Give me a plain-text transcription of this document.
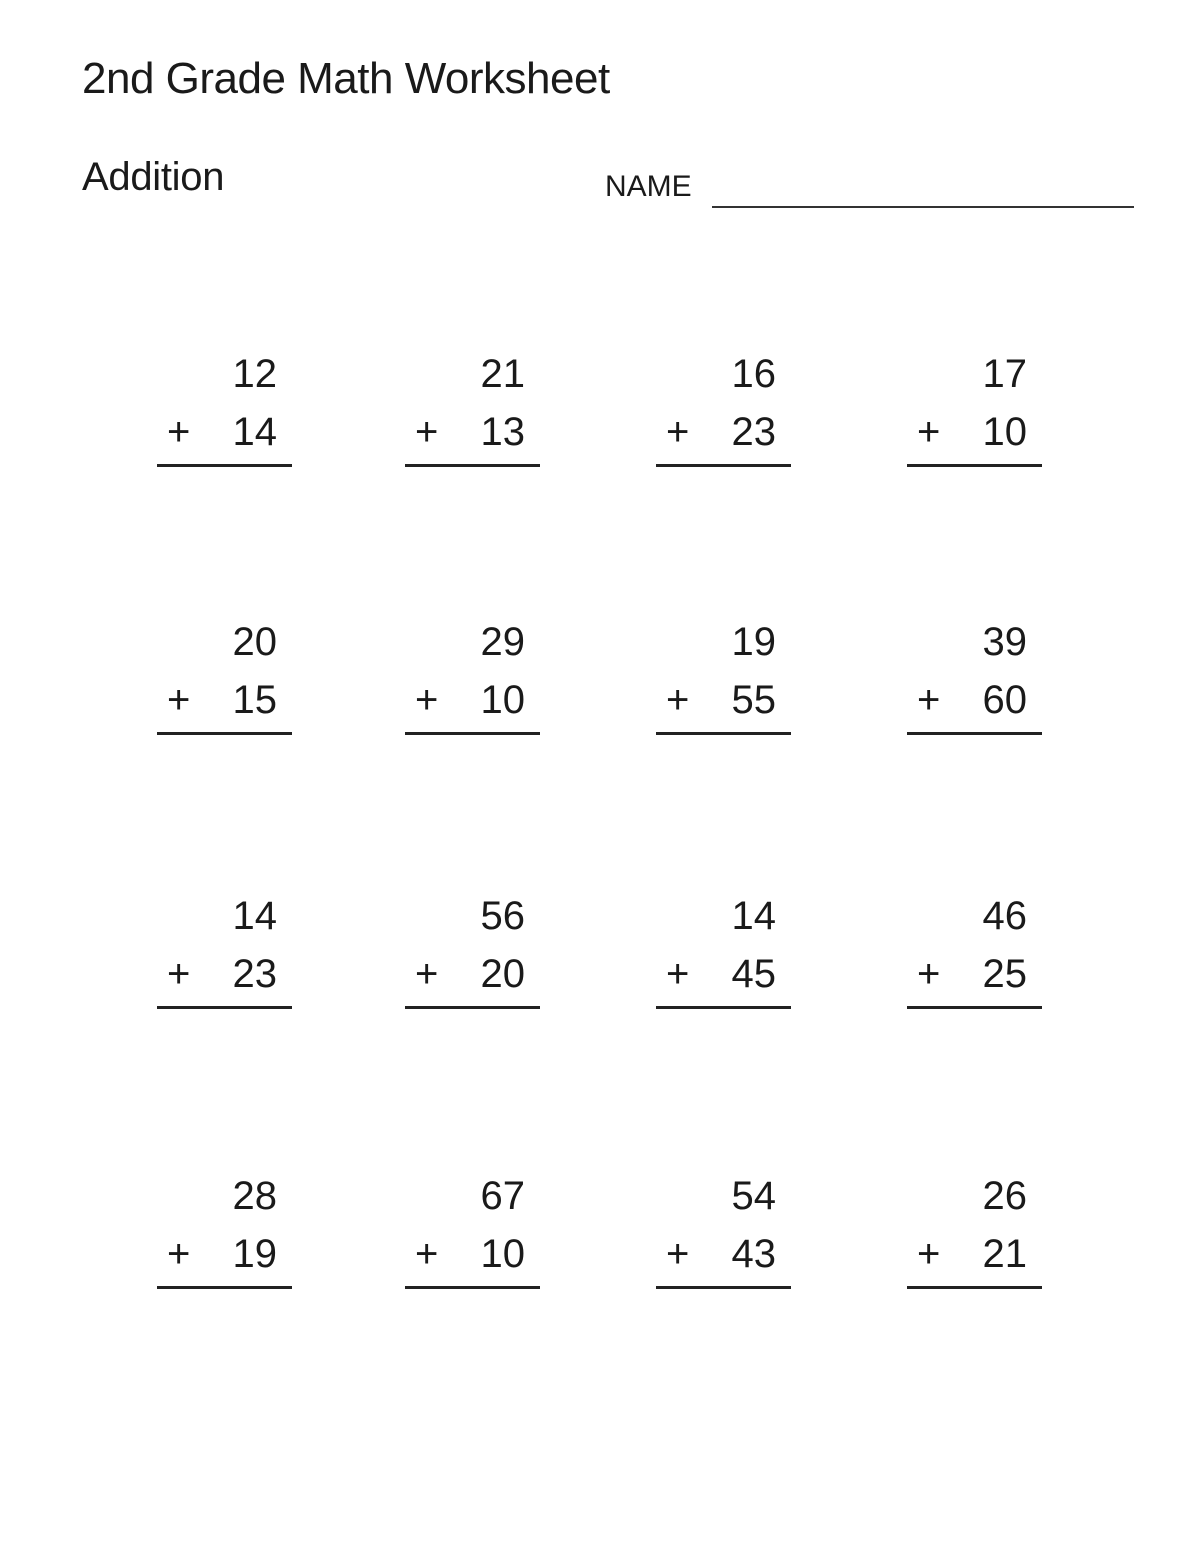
2nd Grade Math Worksheet
Addition	NAME
12
+ 14
21
+ 13
16
+ 23
17
+ 10
20
+ 15
29
+ 10
19
+ 55
39
+ 60
14
+ 23
56
+ 20
14
+ 45
46
+ 25
28
+ 19
67
+ 10
54
+ 43
26
+ 21
